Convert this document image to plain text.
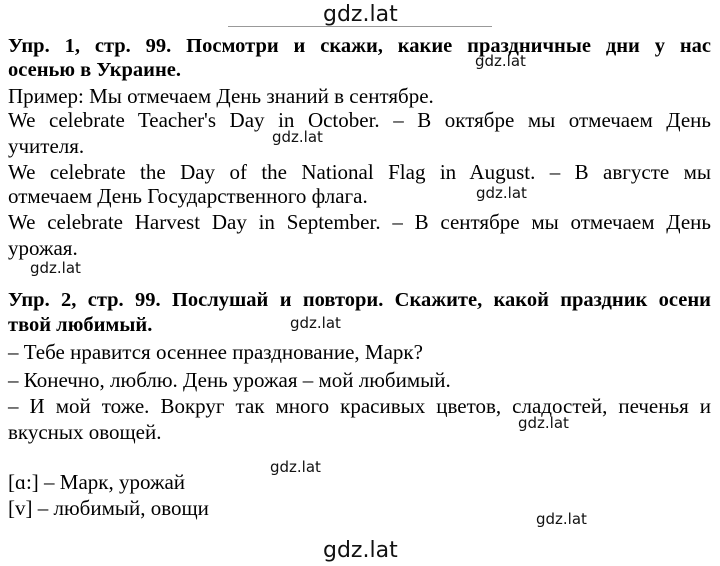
gdz.lat
Упр. 1, стр. 99. Посмотри и скажи, какие праздничные дни у нас
осенью в Украине.	gdz.lat
Пример: Мы отмечаем День знаний в сентябре.
We celebrate Teacher's Day in October. – В октябре мы отмечаем День
gdz.lat
учителя.
We celebrate the Day of the National Flag in August. – В августе мы
отмечаем День Государственного флага.	gdz.lat
We celebrate Harvest Day in September. – В сентябре мы отмечаем День
урожая.
gdz.lat
Упр. 2, стр. 99. Послушай и повтори. Скажите, какой праздник осени
твой любимый.	gdz.lat
– Тебе нравится осеннее празднование, Марк?
– Конечно, люблю. День урожая – мой любимый.
– И мой тоже. Вокруг так много красивых цветов, сладостей, печенья и
gdz.lat
вкусных овощей.
gdz.lat
[ɑ:] – Марк, урожай
[v] – любимый, овощи	gdz.lat
gdz.lat
